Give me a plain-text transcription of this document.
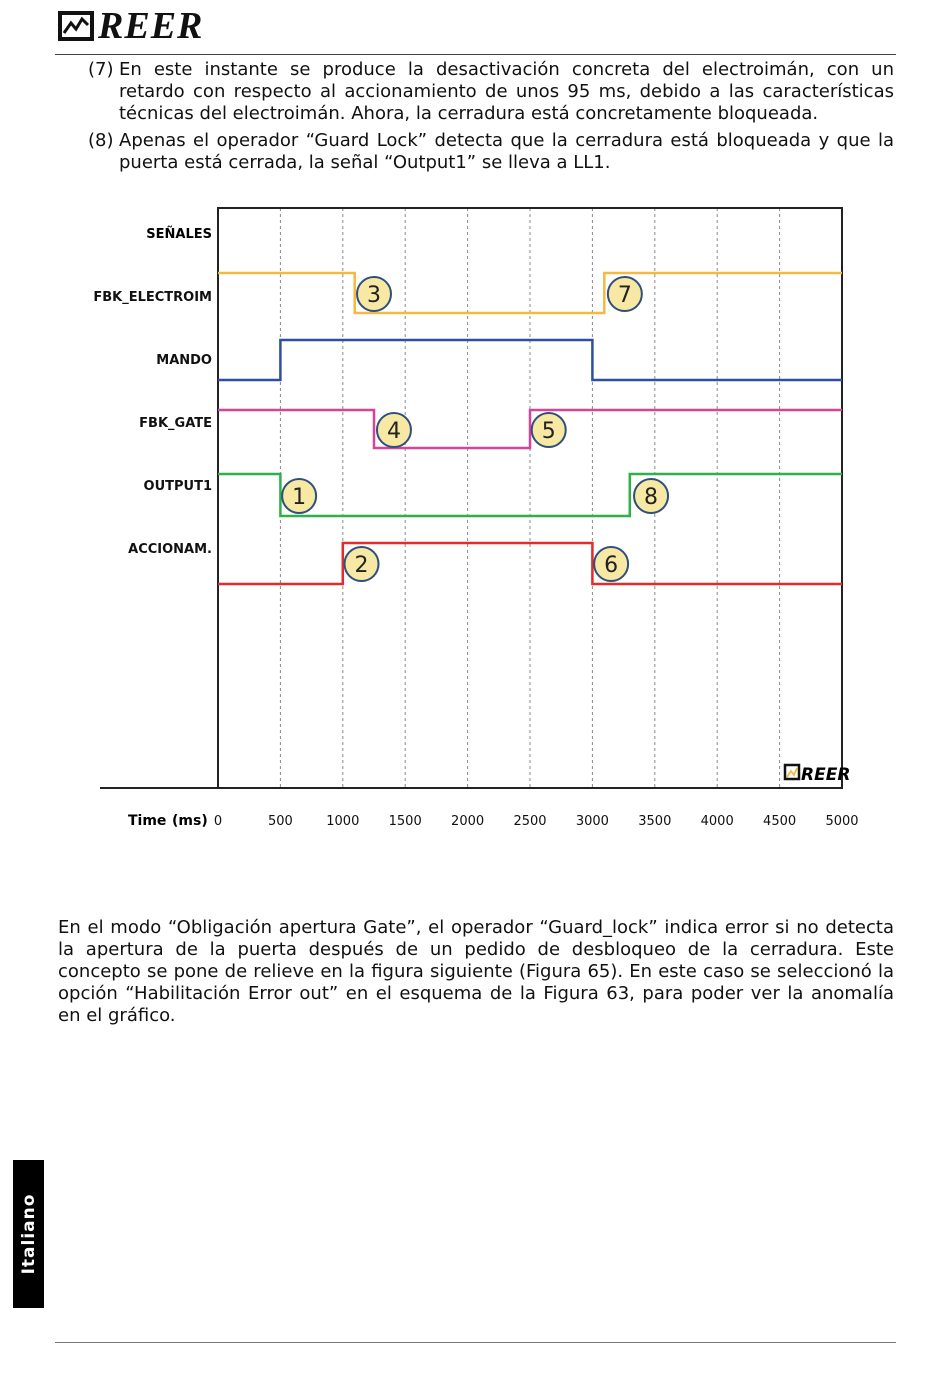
REER
(7) En este instante se produce la desactivación concreta del electroimán, con un retardo con respecto al accionamiento de unos 95 ms, debido a las características técnicas del electroimán. Ahora, la cerradura está concretamente bloqueada.
(8) Apenas el operador “Guard Lock” detecta que la cerradura está bloqueada y que la puerta está cerrada, la señal “Output1” se lleva a LL1.
1
2
3
4	5
6
7
8
SEÑALES
FBK_ELECTROIM
MANDO
FBK_GATE
OUTPUT1
ACCIONAM.
0	500	1000 1500 2000 2500 3000 3500 4000 4500 5000
Time (ms)
REER

En el modo “Obligación apertura Gate”, el operador “Guard_lock” indica error si no detecta la apertura de la puerta después de un pedido de desbloqueo de la cerradura. Este concepto se pone de relieve en la figura siguiente (Figura 65). En este caso se seleccionó la opción “Habilitación Error out” en el esquema de la Figura 63, para poder ver la anomalía en el gráfico.

Italiano
